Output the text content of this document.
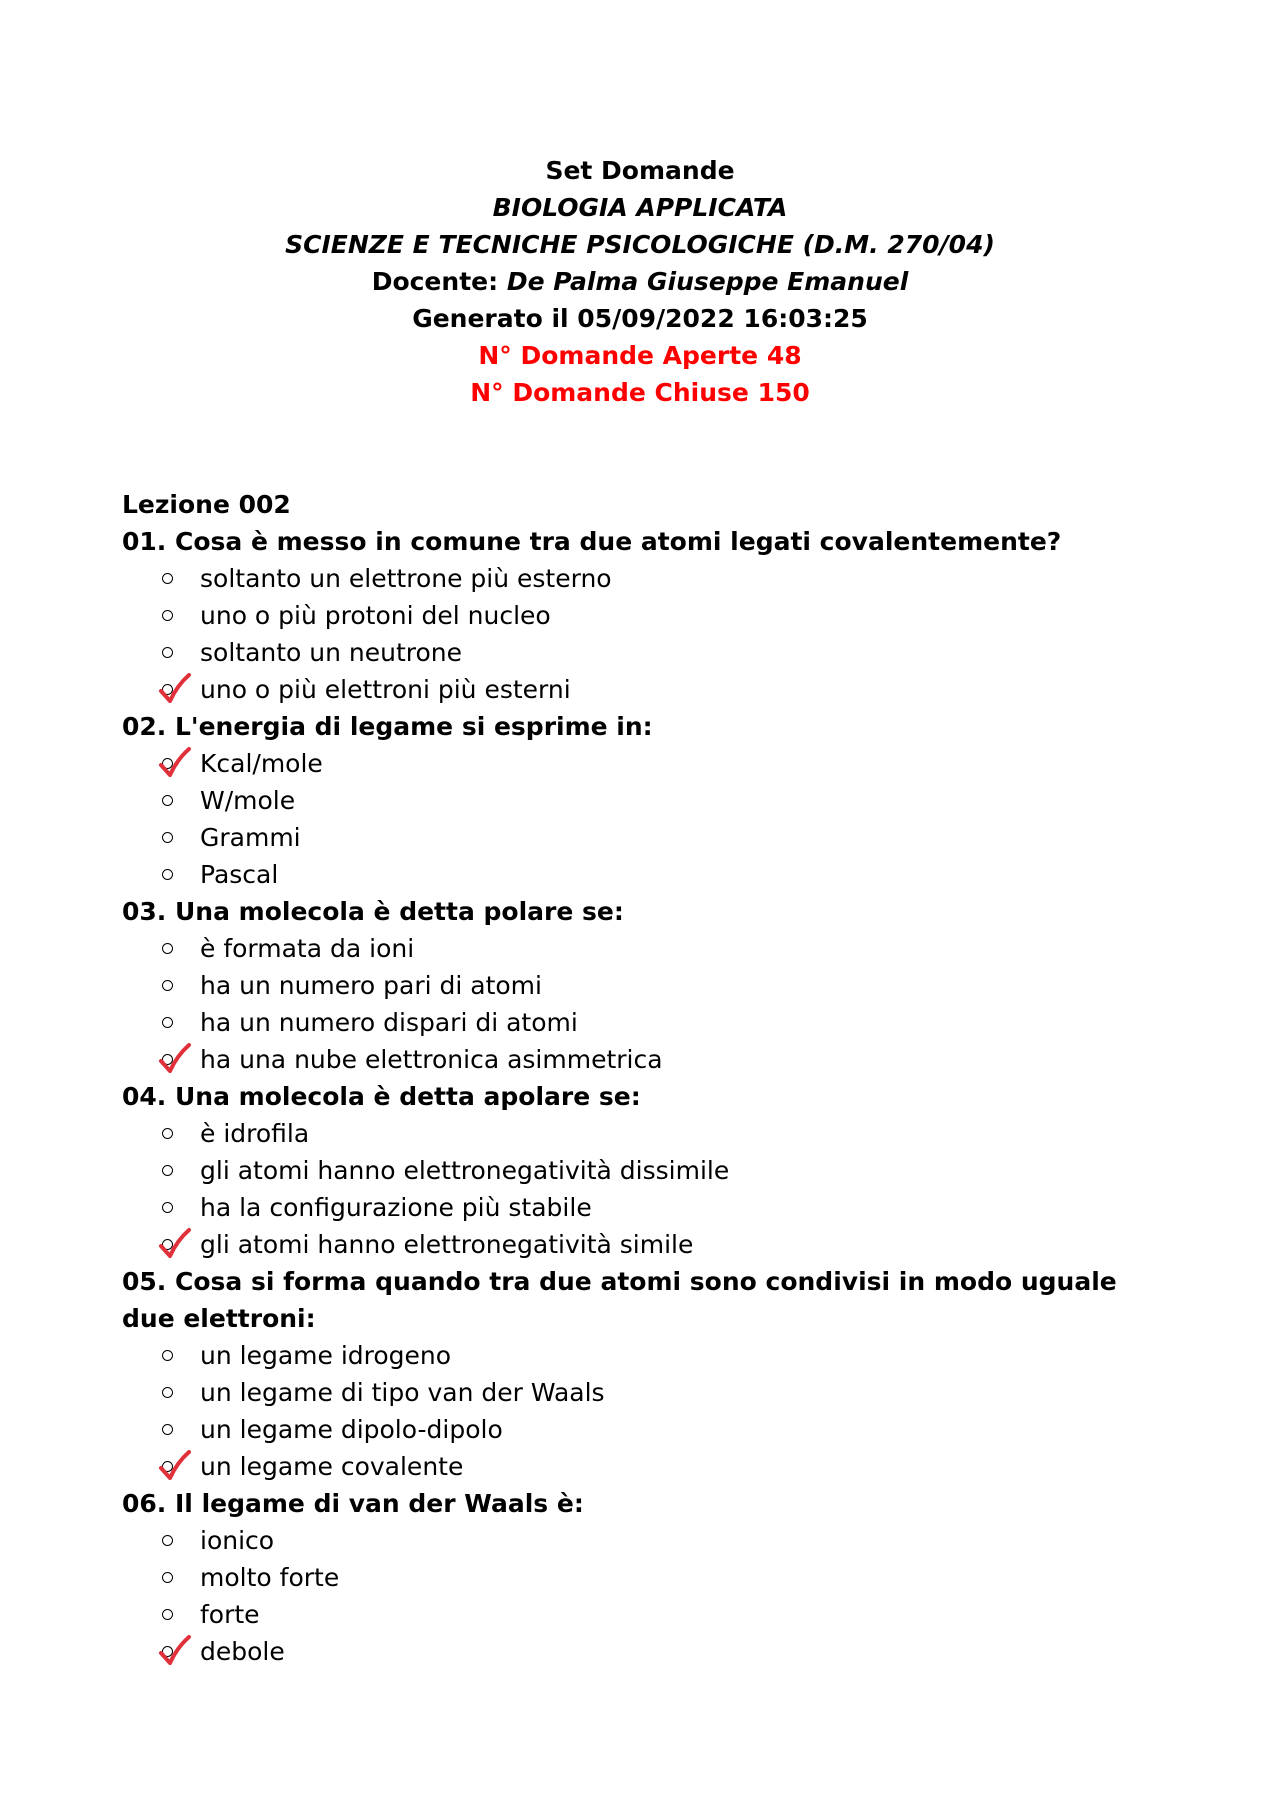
Set Domande
BIOLOGIA APPLICATA
SCIENZE E TECNICHE PSICOLOGICHE (D.M. 270/04)
Docente: De Palma Giuseppe Emanuel
Generato il 05/09/2022 16:03:25
N° Domande Aperte 48
N° Domande Chiuse 150
Lezione 002
01. Cosa è messo in comune tra due atomi legati covalentemente?
soltanto un elettrone più esterno
uno o più protoni del nucleo
soltanto un neutrone
uno o più elettroni più esterni
02. L'energia di legame si esprime in:
Kcal/mole
W/mole
Grammi
Pascal
03. Una molecola è detta polare se:
è formata da ioni
ha un numero pari di atomi
ha un numero dispari di atomi
ha una nube elettronica asimmetrica
04. Una molecola è detta apolare se:
è idrofila
gli atomi hanno elettronegatività dissimile
ha la configurazione più stabile
gli atomi hanno elettronegatività simile
05. Cosa si forma quando tra due atomi sono condivisi in modo uguale due elettroni:
un legame idrogeno
un legame di tipo van der Waals
un legame dipolo-dipolo
un legame covalente
06. Il legame di van der Waals è:
ionico
molto forte
forte
debole
